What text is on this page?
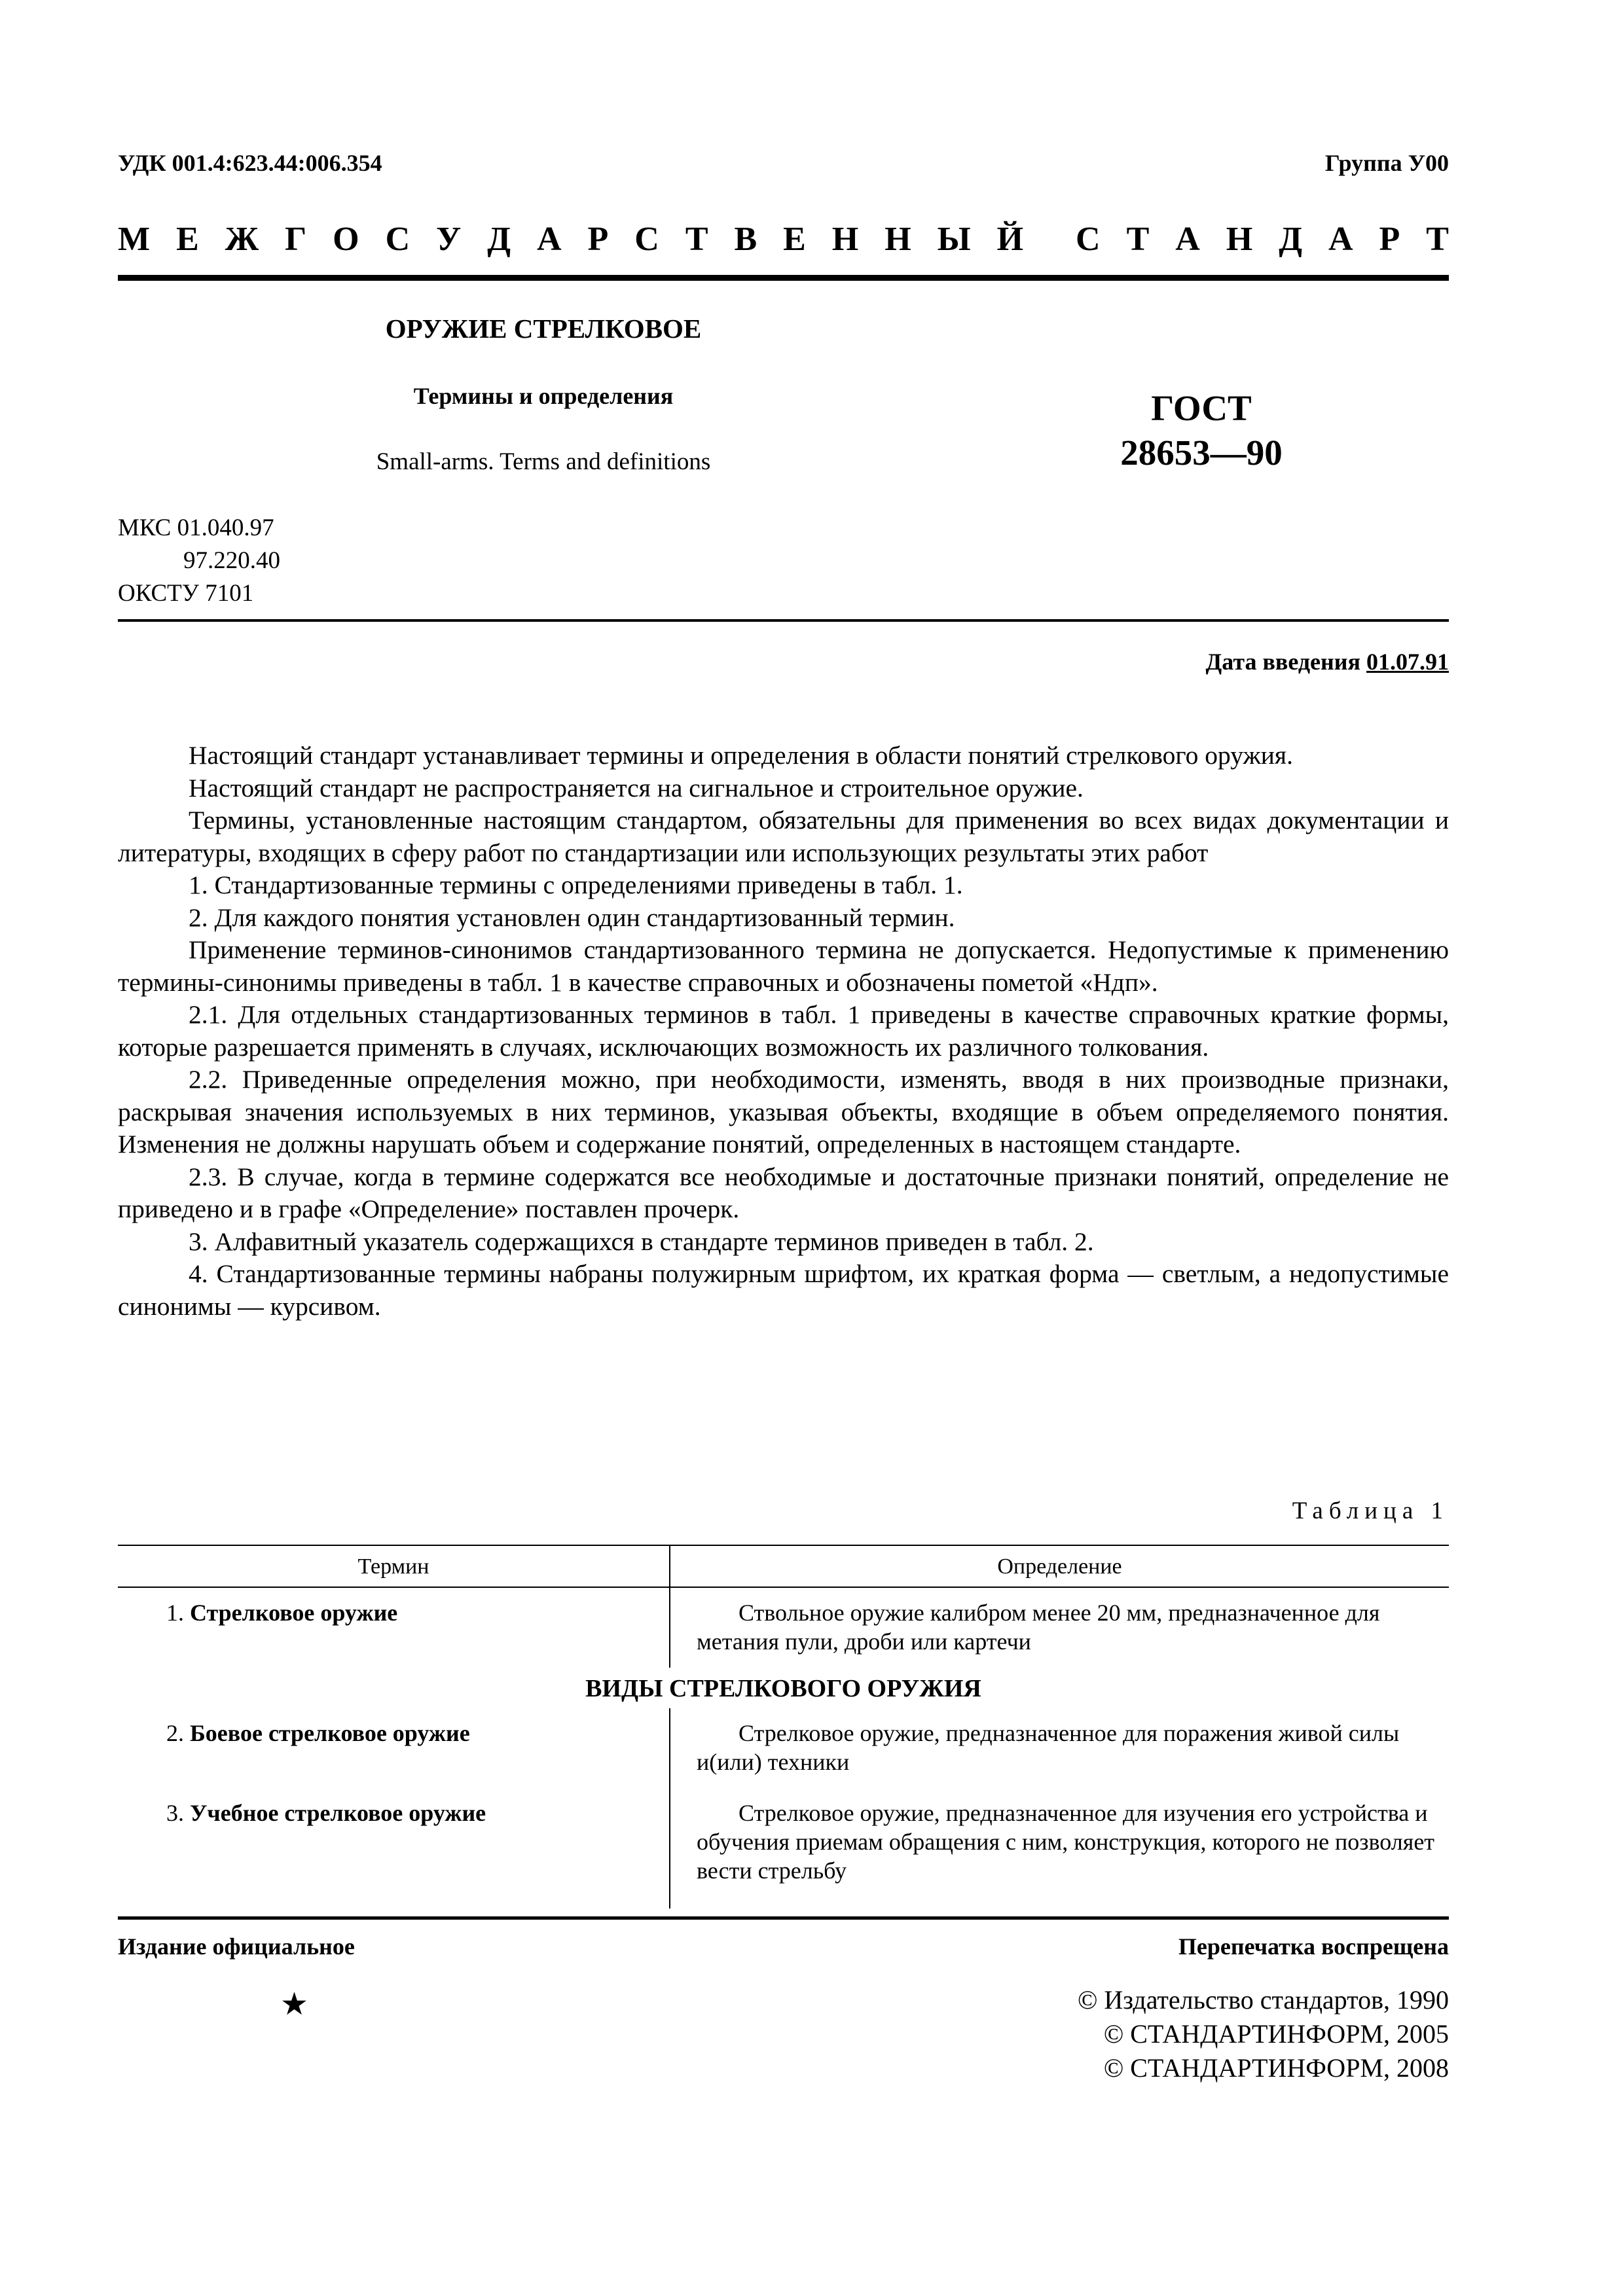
УДК 001.4:623.44:006.354	Группа У00
М Е Ж Г О С У Д А Р С Т В Е Н Н Ы Й С Т А Н Д А Р Т
ОРУЖИЕ СТРЕЛКОВОЕ
Термины и определения
Small-arms. Terms and definitions
ГОСТ
28653—90
МКС 01.040.97
97.220.40
ОКСТУ 7101
Дата введения 01.07.91

Настоящий стандарт устанавливает термины и определения в области понятий стрелкового оружия.

Настоящий стандарт не распространяется на сигнальное и строительное оружие.

Термины, установленные настоящим стандартом, обязательны для применения во всех видах документации и литературы, входящих в сферу работ по стандартизации или использующих результаты этих работ

1. Стандартизованные термины с определениями приведены в табл. 1.

2. Для каждого понятия установлен один стандартизованный термин.

Применение терминов-синонимов стандартизованного термина не допускается. Недопустимые к применению термины-синонимы приведены в табл. 1 в качестве справочных и обозначены пометой «Ндп».

2.1. Для отдельных стандартизованных терминов в табл. 1 приведены в качестве справочных краткие формы, которые разрешается применять в случаях, исключающих возможность их различного толкования.

2.2. Приведенные определения можно, при необходимости, изменять, вводя в них производные признаки, раскрывая значения используемых в них терминов, указывая объекты, входящие в объем определяемого понятия. Изменения не должны нарушать объем и содержание понятий, определенных в настоящем стандарте.

2.3. В случае, когда в термине содержатся все необходимые и достаточные признаки понятий, определение не приведено и в графе «Определение» поставлен прочерк.

3. Алфавитный указатель содержащихся в стандарте терминов приведен в табл. 2.

4. Стандартизованные термины набраны полужирным шрифтом, их краткая форма — светлым, а недопустимые синонимы — курсивом.

Таблица 1
Термин	Определение
1. Стрелковое оружие	Ствольное оружие калибром менее 20 мм, предназначенное для метания пули, дроби или картечи
ВИДЫ СТРЕЛКОВОГО ОРУЖИЯ	
2. Боевое стрелковое оружие	Стрелковое оружие, предназначенное для поражения живой силы и(или) техники
3. Учебное стрелковое оружие	Стрелковое оружие, предназначенное для изучения его устройства и обучения приемам обращения с ним, конструкция, которого не позволяет вести стрельбу
Издание официальное	Перепечатка воспрещена
★	© Издательство стандартов, 1990
© СТАНДАРТИНФОРМ, 2005
© СТАНДАРТИНФОРМ, 2008
